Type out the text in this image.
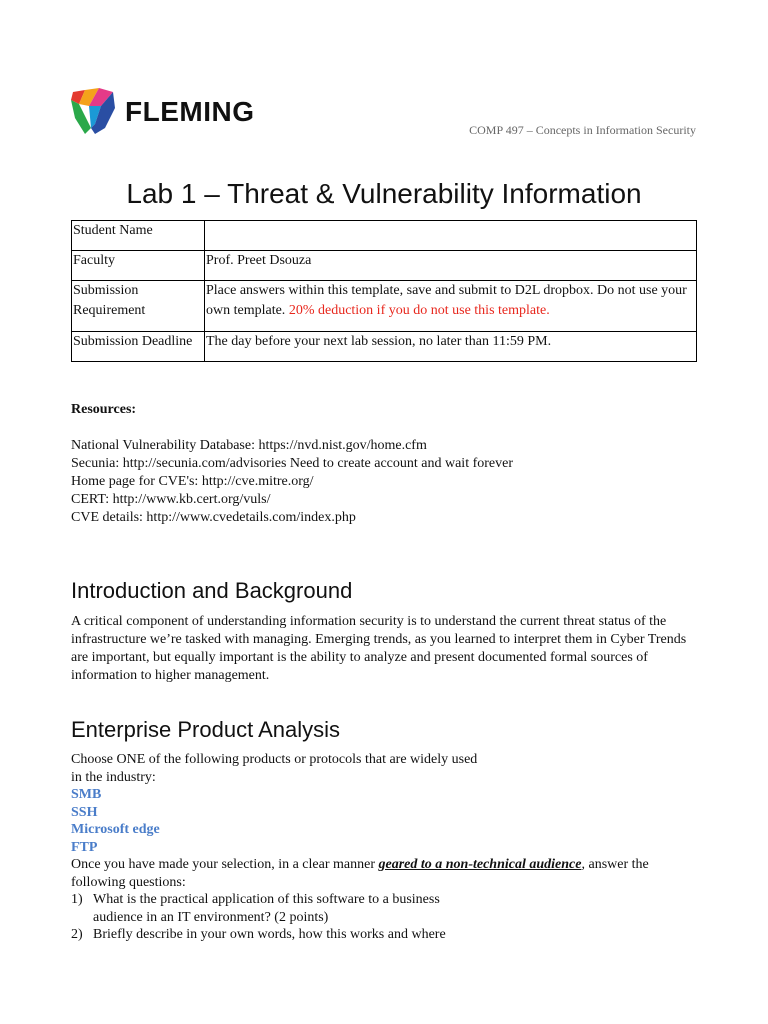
FLEMING
COMP 497 – Concepts in Information Security
Lab 1 – Threat & Vulnerability Information
Student Name	
Faculty	Prof. Preet Dsouza
Submission Requirement	Place answers within this template, save and submit to D2L dropbox. Do not use your own template. 20% deduction if you do not use this template.
Submission Deadline	The day before your next lab session, no later than 11:59 PM.
Resources:
National Vulnerability Database: https://nvd.nist.gov/home.cfm
Secunia: http://secunia.com/advisories Need to create account and wait forever
Home page for CVE's: http://cve.mitre.org/
CERT: http://www.kb.cert.org/vuls/
CVE details: http://www.cvedetails.com/index.php
Introduction and Background
A critical component of understanding information security is to understand the current threat status of the infrastructure we’re tasked with managing. Emerging trends, as you learned to interpret them in Cyber Trends are important, but equally important is the ability to analyze and present documented formal sources of information to higher management.
Enterprise Product Analysis
Choose ONE of the following products or protocols that are widely used
in the industry:
SMB
SSH
Microsoft edge
FTP
Once you have made your selection, in a clear manner geared to a non-technical audience, answer the following questions:
1) What is the practical application of this software to a business audience in an IT environment? (2 points)
2) Briefly describe in your own words, how this works and where
